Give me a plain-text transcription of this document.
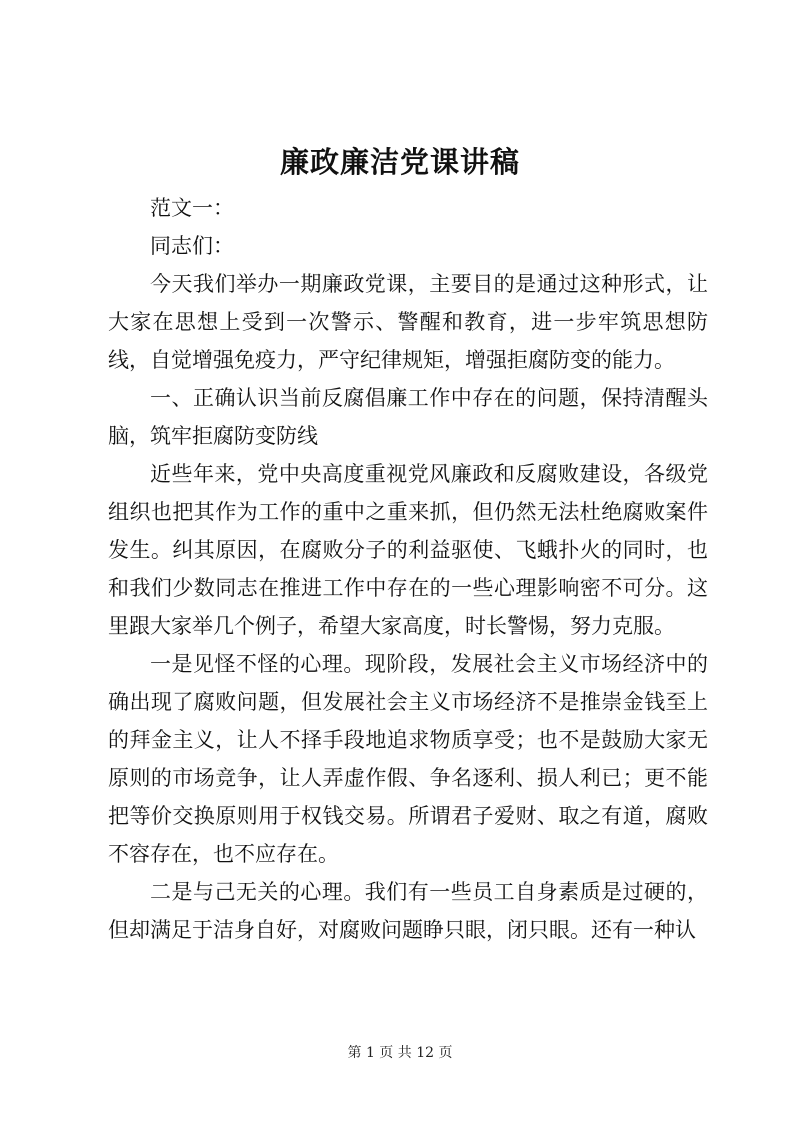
廉政廉洁党课讲稿

范文一：

同志们：

今天我们举办一期廉政党课，主要目的是通过这种形式，让大家在思想上受到一次警示、警醒和教育，进一步牢筑思想防线，自觉增强免疫力，严守纪律规矩，增强拒腐防变的能力。

一、正确认识当前反腐倡廉工作中存在的问题，保持清醒头脑，筑牢拒腐防变防线

近些年来，党中央高度重视党风廉政和反腐败建设，各级党组织也把其作为工作的重中之重来抓，但仍然无法杜绝腐败案件发生。纠其原因，在腐败分子的利益驱使、飞蛾扑火的同时，也和我们少数同志在推进工作中存在的一些心理影响密不可分。这里跟大家举几个例子，希望大家高度，时长警惕，努力克服。

一是见怪不怪的心理。现阶段，发展社会主义市场经济中的确出现了腐败问题，但发展社会主义市场经济不是推崇金钱至上的拜金主义，让人不择手段地追求物质享受；也不是鼓励大家无原则的市场竞争，让人弄虚作假、争名逐利、损人利已；更不能把等价交换原则用于权钱交易。所谓君子爱财、取之有道，腐败不容存在，也不应存在。

二是与己无关的心理。我们有一些员工自身素质是过硬的，但却满足于洁身自好，对腐败问题睁只眼，闭只眼。还有一种认

第 1 页 共 12 页
